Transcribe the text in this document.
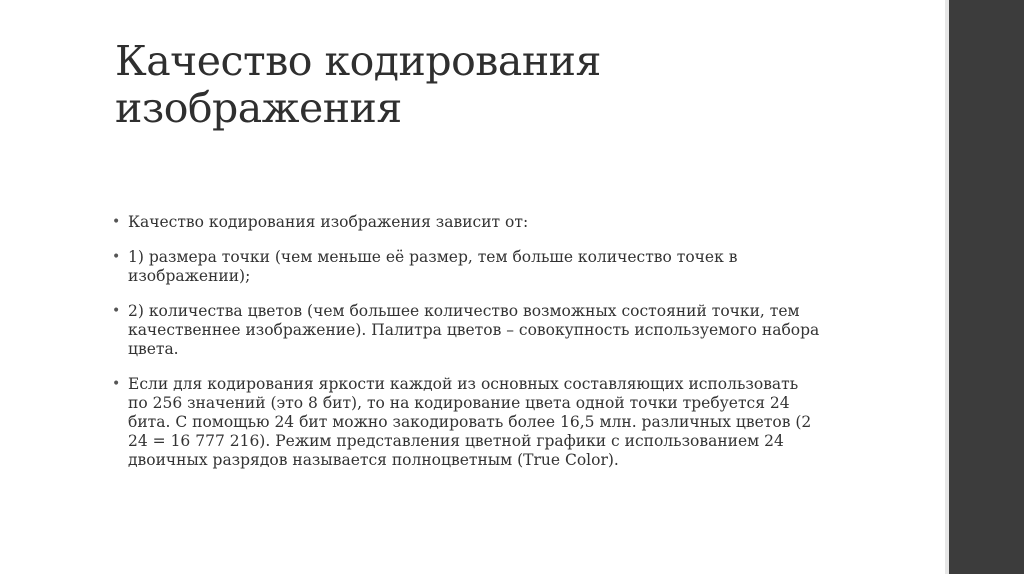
Качество кодирования
изображения
• Качество кодирования изображения зависит от:
• 1) размера точки (чем меньше её размер, тем больше количество точек в изображении);
• 2) количества цветов (чем большее количество возможных состояний точки, тем качественнее изображение). Палитра цветов – совокупность используемого набора цвета.
• Если для кодирования яркости каждой из основных составляющих использовать по 256 значений (это 8 бит), то на кодирование цвета одной точки требуется 24 бита. С помощью 24 бит можно закодировать более 16,5 млн. различных цветов (2 24 = 16 777 216). Режим представления цветной графики с использованием 24 двоичных разрядов называется полноцветным (True Color).
